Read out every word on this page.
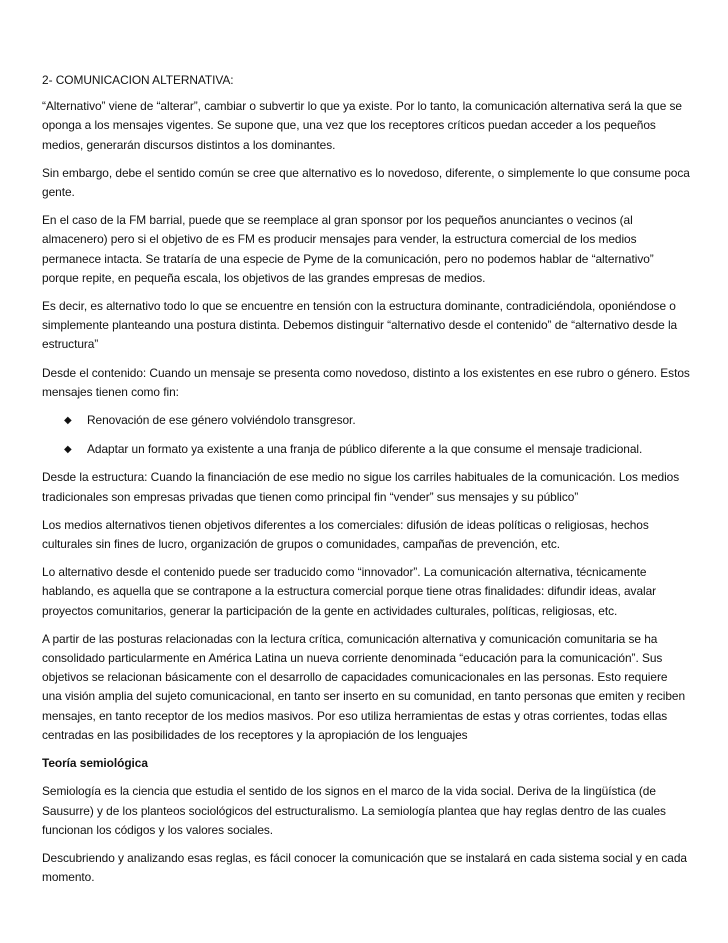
2- COMUNICACION ALTERNATIVA:

“Alternativo” viene de “alterar”, cambiar o subvertir lo que ya existe. Por lo tanto, la comunicación alternativa será la que se oponga a los mensajes vigentes. Se supone que, una vez que los receptores críticos puedan acceder a los pequeños medios, generarán discursos distintos a los dominantes.

Sin embargo, debe el sentido común se cree que alternativo es lo novedoso, diferente, o simplemente lo que consume poca gente.

En el caso de la FM barrial, puede que se reemplace al gran sponsor por los pequeños anunciantes o vecinos (al almacenero) pero si el objetivo de es FM es producir mensajes para vender, la estructura comercial de los medios permanece intacta. Se trataría de una especie de Pyme de la comunicación, pero no podemos hablar de “alternativo” porque repite, en pequeña escala, los objetivos de las grandes empresas de medios.

Es decir, es alternativo todo lo que se encuentre en tensión con la estructura dominante, contradiciéndola, oponiéndose o simplemente planteando una postura distinta. Debemos distinguir “alternativo desde el contenido” de “alternativo desde la estructura”

Desde el contenido: Cuando un mensaje se presenta como novedoso, distinto a los existentes en ese rubro o género. Estos mensajes tienen como fin:

◆ Renovación de ese género volviéndolo transgresor.
◆ Adaptar un formato ya existente a una franja de público diferente a la que consume el mensaje tradicional.

Desde la estructura: Cuando la financiación de ese medio no sigue los carriles habituales de la comunicación. Los medios tradicionales son empresas privadas que tienen como principal fin “vender” sus mensajes y su público”

Los medios alternativos tienen objetivos diferentes a los comerciales: difusión de ideas políticas o religiosas, hechos culturales sin fines de lucro, organización de grupos o comunidades, campañas de prevención, etc.

Lo alternativo desde el contenido puede ser traducido como “innovador”. La comunicación alternativa, técnicamente hablando, es aquella que se contrapone a la estructura comercial porque tiene otras finalidades: difundir ideas, avalar proyectos comunitarios, generar la participación de la gente en actividades culturales, políticas, religiosas, etc.

A partir de las posturas relacionadas con la lectura crítica, comunicación alternativa y comunicación comunitaria se ha consolidado particularmente en América Latina un nueva corriente denominada “educación para la comunicación”. Sus objetivos se relacionan básicamente con el desarrollo de capacidades comunicacionales en las personas. Esto requiere una visión amplia del sujeto comunicacional, en tanto ser inserto en su comunidad, en tanto personas que emiten y reciben mensajes, en tanto receptor de los medios masivos. Por eso utiliza herramientas de estas y otras corrientes, todas ellas centradas en las posibilidades de los receptores y la apropiación de los lenguajes

Teoría semiológica

Semiología es la ciencia que estudia el sentido de los signos en el marco de la vida social. Deriva de la lingüística (de Sausurre) y de los planteos sociológicos del estructuralismo. La semiología plantea que hay reglas dentro de las cuales funcionan los códigos y los valores sociales.

Descubriendo y analizando esas reglas, es fácil conocer la comunicación que se instalará en cada sistema social y en cada momento.
